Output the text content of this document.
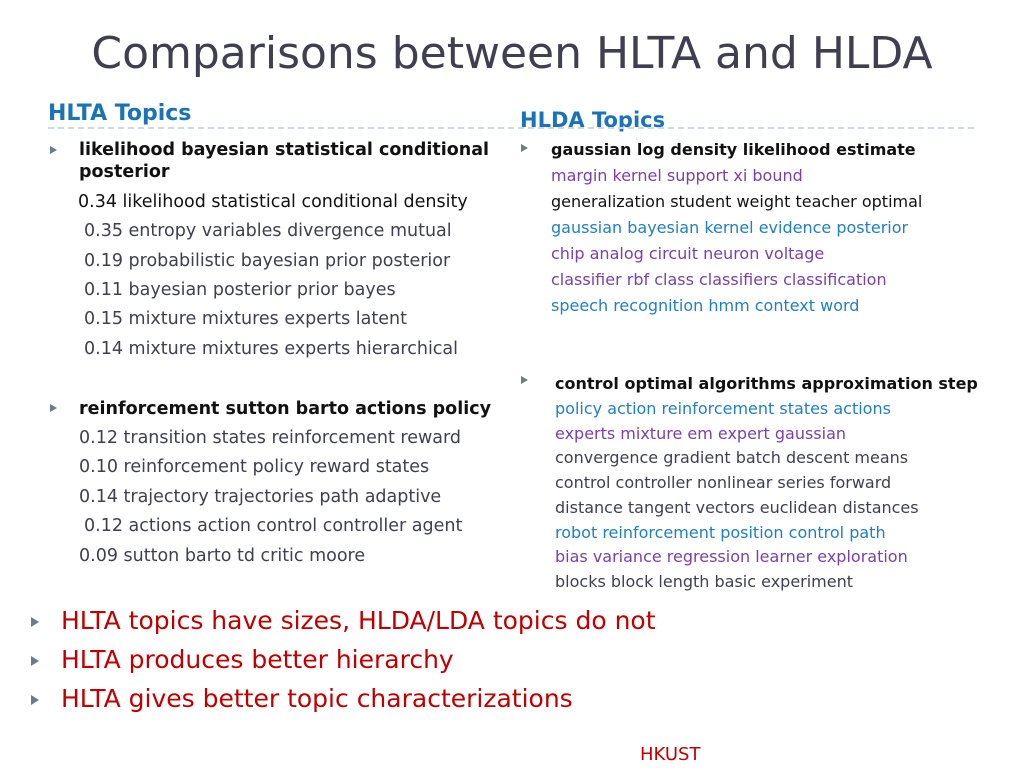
Comparisons between HLTA and HLDA
HLTA Topics	HLDA Topics
likelihood bayesian statistical conditional
posterior
0.34 likelihood statistical conditional density
0.35 entropy variables divergence mutual
0.19 probabilistic bayesian prior posterior
0.11 bayesian posterior prior bayes
0.15 mixture mixtures experts latent
0.14 mixture mixtures experts hierarchical
reinforcement sutton barto actions policy
0.12 transition states reinforcement reward
0.10 reinforcement policy reward states
0.14 trajectory trajectories path adaptive
0.12 actions action control controller agent
0.09 sutton barto td critic moore
gaussian log density likelihood estimate
margin kernel support xi bound
generalization student weight teacher optimal
gaussian bayesian kernel evidence posterior
chip analog circuit neuron voltage
classifier rbf class classifiers classification
speech recognition hmm context word
control optimal algorithms approximation step
policy action reinforcement states actions
experts mixture em expert gaussian
convergence gradient batch descent means
control controller nonlinear series forward
distance tangent vectors euclidean distances
robot reinforcement position control path
bias variance regression learner exploration
blocks block length basic experiment
HLTA topics have sizes, HLDA/LDA topics do not
HLTA produces better hierarchy
HLTA gives better topic characterizations
HKUST
